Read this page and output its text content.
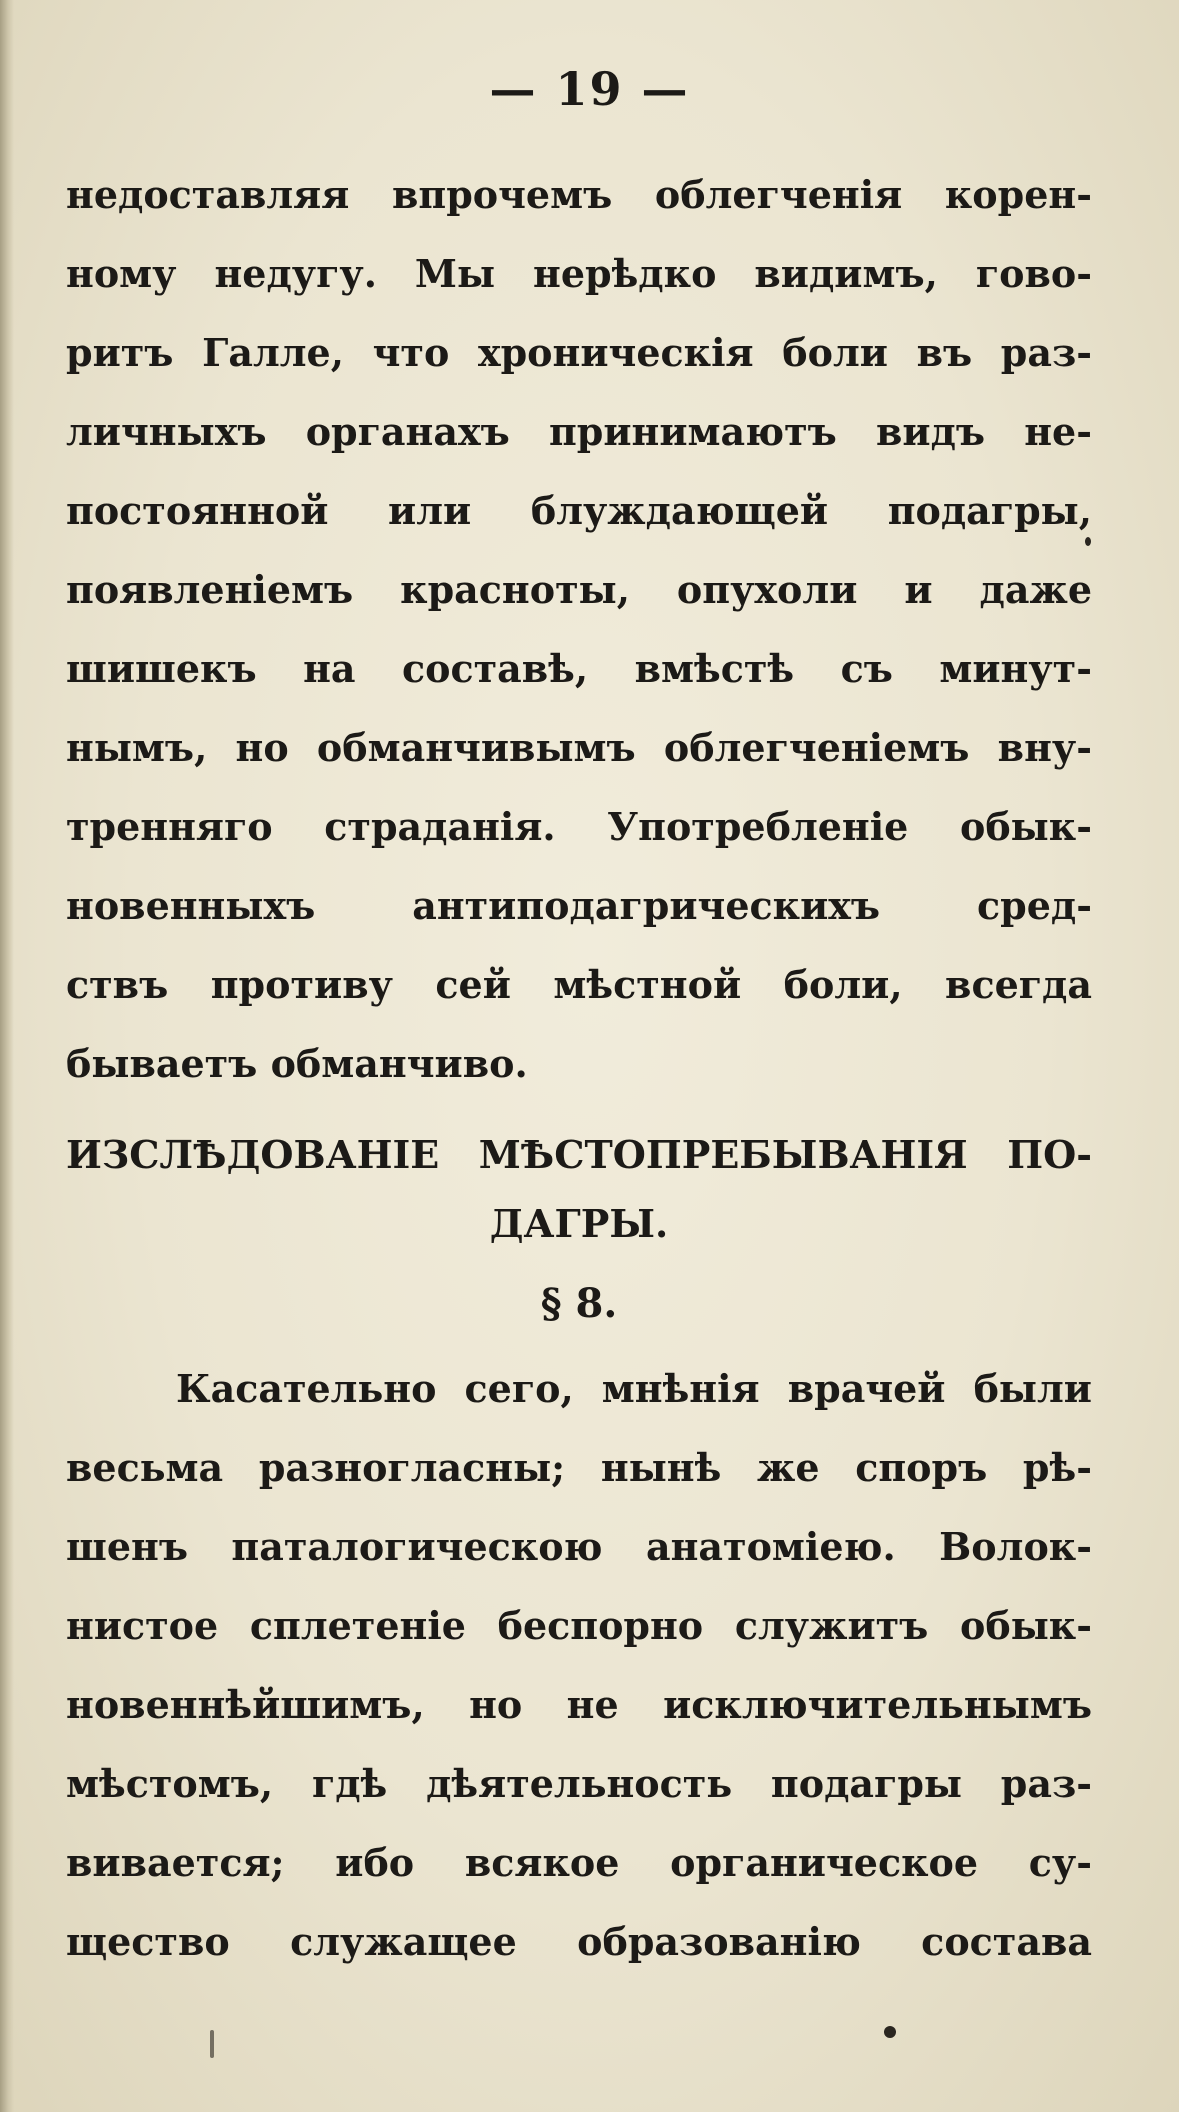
— 19 —
недоставляя впрочемъ облегченія корен-
ному недугу. Мы нерѣдко видимъ, гово-
ритъ Галле, что хроническія боли въ раз-
личныхъ органахъ принимаютъ видъ не-
постоянной или блуждающей подагры,
появленіемъ красноты, опухоли и даже
шишекъ на составѣ, вмѣстѣ съ минут-
нымъ, но обманчивымъ облегченіемъ вну-
тренняго страданія. Употребленіе обык-
новенныхъ антиподагрическихъ сред-
ствъ противу сей мѣстной боли, всегда
бываетъ обманчиво.
ИЗСЛѢДОВАНІЕ МѢСТОПРЕБЫВАНІЯ ПО-
ДАГРЫ.
§ 8.
Касательно сего, мнѣнія врачей были
весьма разногласны; нынѣ же споръ рѣ-
шенъ паталогическою анатоміею. Волок-
нистое сплетеніе беспорно служитъ обык-
новеннѣйшимъ, но не исключительнымъ
мѣстомъ, гдѣ дѣятельность подагры раз-
вивается; ибо всякое органическое су-
щество служащее образованію состава
